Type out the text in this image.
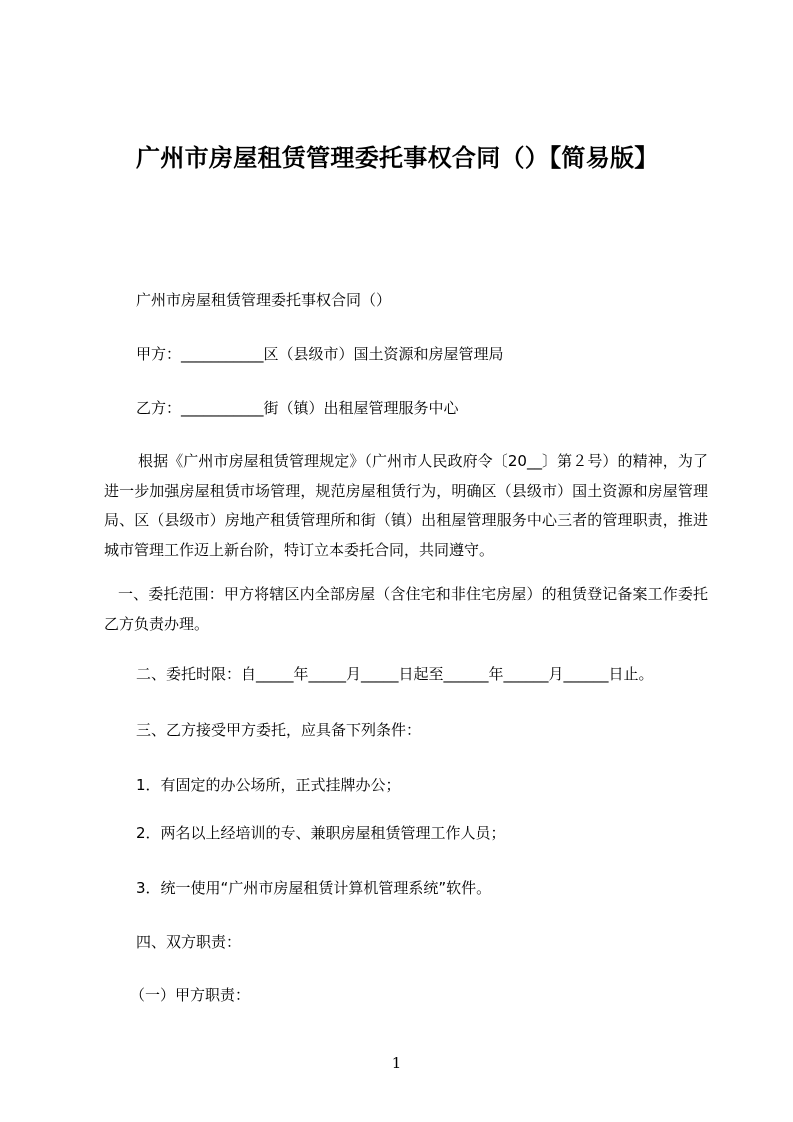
广州市房屋租赁管理委托事权合同（）【简易版】
广州市房屋租赁管理委托事权合同（）
甲方：___________区（县级市）国土资源和房屋管理局
乙方：___________街（镇）出租屋管理服务中心
根据《广州市房屋租赁管理规定》（广州市人民政府令〔20__〕第２号）的精神，为了进一步加强房屋租赁市场管理，规范房屋租赁行为，明确区（县级市）国土资源和房屋管理局、区（县级市）房地产租赁管理所和街（镇）出租屋管理服务中心三者的管理职责，推进城市管理工作迈上新台阶，特订立本委托合同，共同遵守。
一、委托范围：甲方将辖区内全部房屋（含住宅和非住宅房屋）的租赁登记备案工作委托乙方负责办理。
二、委托时限：自_____年_____月_____日起至______年______月______日止。
三、乙方接受甲方委托，应具备下列条件：
1．有固定的办公场所，正式挂牌办公；
2．两名以上经培训的专、兼职房屋租赁管理工作人员；
3．统一使用“广州市房屋租赁计算机管理系统”软件。
四、双方职责：
（一）甲方职责：
1
